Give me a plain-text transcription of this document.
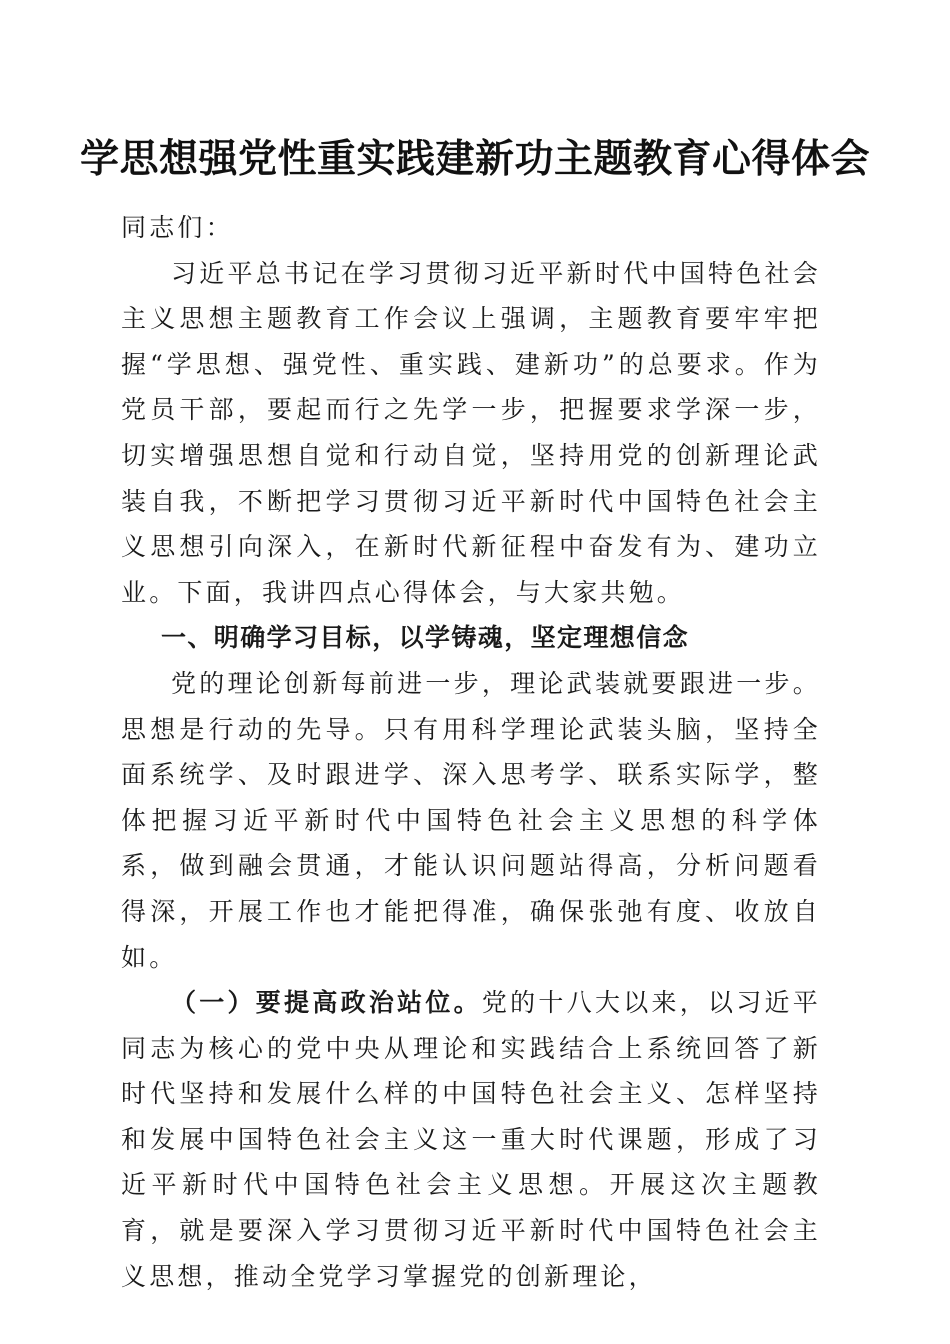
学思想强党性重实践建新功主题教育心得体会

同志们：

习近平总书记在学习贯彻习近平新时代中国特色社会主义思想主题教育工作会议上强调，主题教育要牢牢把握“学思想、强党性、重实践、建新功”的总要求。作为党员干部，要起而行之先学一步，把握要求学深一步，切实增强思想自觉和行动自觉，坚持用党的创新理论武装自我，不断把学习贯彻习近平新时代中国特色社会主义思想引向深入，在新时代新征程中奋发有为、建功立业。下面，我讲四点心得体会，与大家共勉。

一、明确学习目标，以学铸魂，坚定理想信念

党的理论创新每前进一步，理论武装就要跟进一步。思想是行动的先导。只有用科学理论武装头脑，坚持全面系统学、及时跟进学、深入思考学、联系实际学，整体把握习近平新时代中国特色社会主义思想的科学体系，做到融会贯通，才能认识问题站得高，分析问题看得深，开展工作也才能把得准，确保张弛有度、收放自如。

（一）要提高政治站位。党的十八大以来，以习近平同志为核心的党中央从理论和实践结合上系统回答了新时代坚持和发展什么样的中国特色社会主义、怎样坚持和发展中国特色社会主义这一重大时代课题，形成了习近平新时代中国特色社会主义思想。开展这次主题教育，就是要深入学习贯彻习近平新时代中国特色社会主义思想，推动全党学习掌握党的创新理论，
